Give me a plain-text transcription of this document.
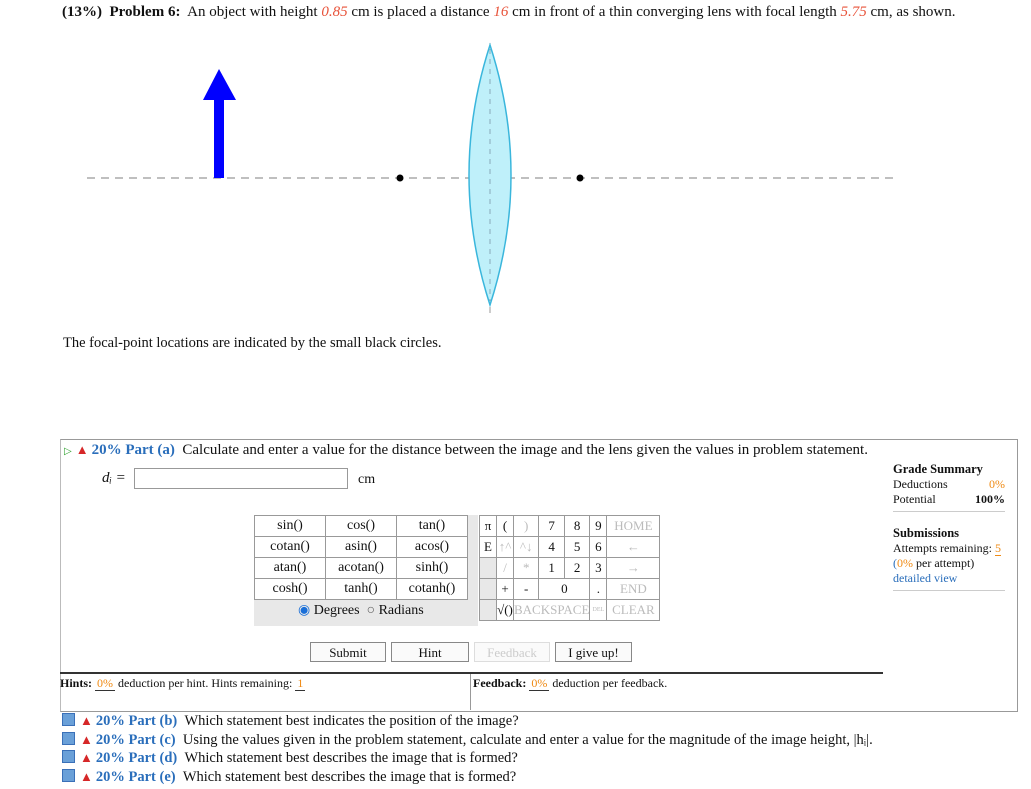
(13%) Problem 6: An object with height 0.85 cm is placed a distance 16 cm in front of a thin converging lens with focal length 5.75 cm, as shown.
The focal-point locations are indicated by the small black circles.
▷ ▲ 20% Part (a) Calculate and enter a value for the distance between the image and the lens given the values in problem statement.
dᵢ =	cm
Grade Summary
Deductions	0%
Potential	100%
Submissions
Attempts remaining: 5
(0% per attempt)
detailed view
sin()	cos()	tan()
cotan()	asin()	acos()
atan()	acotan()	sinh()
cosh()	tanh()	cotanh()
◉ Degrees ○ Radians
π	(	)	7	8	9	HOME
E	↑^	^↓	4	5	6	←
	/	*	1	2	3	→
	+	-	0		.	END
	√()	BACKSPACE			DEL	CLEAR
Submit	Hint	Feedback	I give up!
Hints: 0% deduction per hint. Hints remaining: 1	Feedback: 0% deduction per feedback.
▲ 20% Part (b) Which statement best indicates the position of the image?
▲ 20% Part (c) Using the values given in the problem statement, calculate and enter a value for the magnitude of the image height, |hᵢ|.
▲ 20% Part (d) Which statement best describes the image that is formed?
▲ 20% Part (e) Which statement best describes the image that is formed?
